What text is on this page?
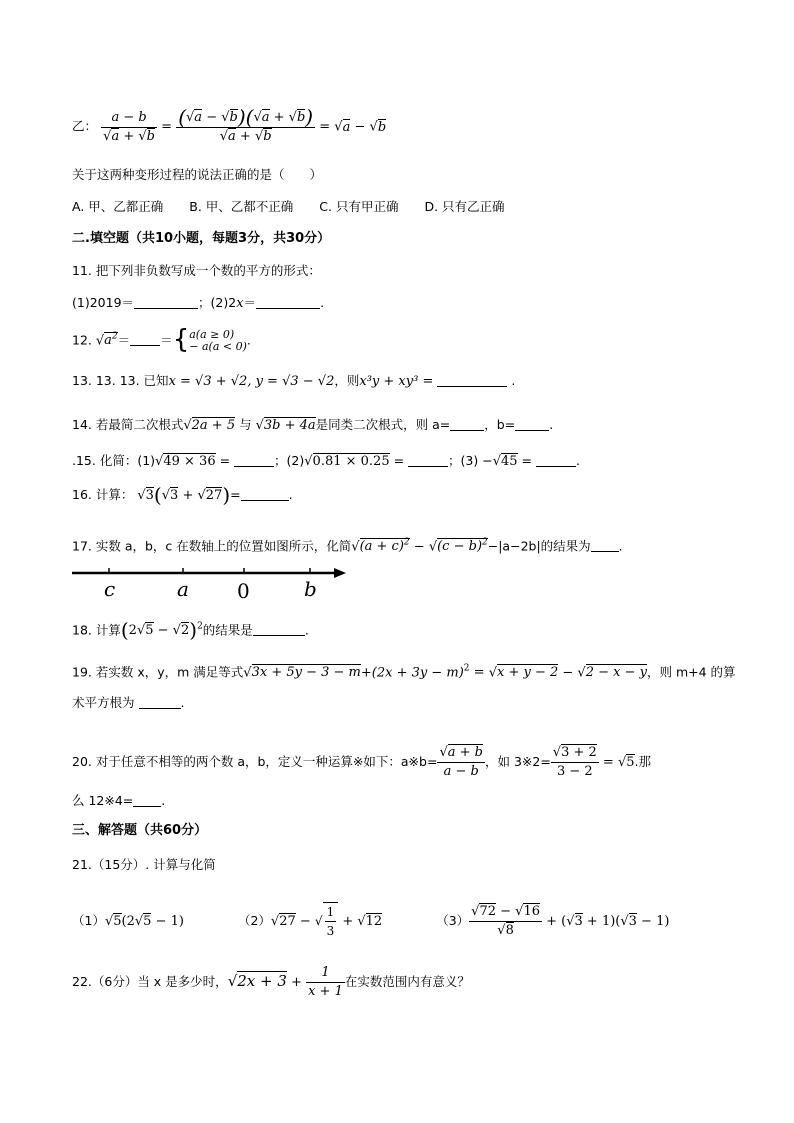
乙： $\frac{a - b}{√a + √b} = \frac{(√a - √b)(√a + √b)}{√a + √b} = √a - √b$
关于这两种变形过程的说法正确的是（　　）
A. 甲、乙都正确 B. 甲、乙都不正确 C. 只有甲正确 D. 只有乙正确
二.填空题（共10小题，每题3分，共30分）
11. 把下列非负数写成一个数的平方的形式：
(1)2019＝	；(2)2x＝	.
12. $√a^2=$ ＝{ a(a ≥ 0)
− a(a < 0) .
13. 13. 13. 已知x = √3 + √2, y = √3 − √2，则x³y + xy³ =	.
14. 若最简二次根式√2a + 5 与 √3b + 4a是同类二次根式，则 a=	，b=	.
.15. 化简：(1)√49 × 36 =	；(2)√0.81 × 0.25 =	；(3) −√45 =	.
16. 计算： √3(√3 + √27)=	.
17. 实数 a，b，c 在数轴上的位置如图所示，化简$√(a + c)^2 - √(c - b)^2-|a-2b|$的结果为 .
c	a 0	b
18. 计算$(2√5 - √2)^2$的结果是	.
19. 若实数 x，y，m 满足等式$√3x + 5y - 3 - m+(2x + 3y - m)^2 = √x + y - 2 - √2 - x - y$，则 m+4 的算
术平方根为	.
20. 对于任意不相等的两个数 a，b，定义一种运算※如下：a※b= $\frac{√a + b}{a - b}$ ，如 3※2= $\frac{√3 + 2}{3 - 2} = √5$.那
么 12※4= .
三、解答题（共60分）
21.（15分）. 计算与化简
（1）√5(2√5 − 1)	（2）√27 − √ $\frac{1}{3} + √12$	$(3) \frac{√72 - √16}{√8} + (√3 + 1)(√3 - 1)$
22.（6分）当 x 是多少时，$√2x + 3 + \frac{1}{x + 1}$ 在实数范围内有意义？
